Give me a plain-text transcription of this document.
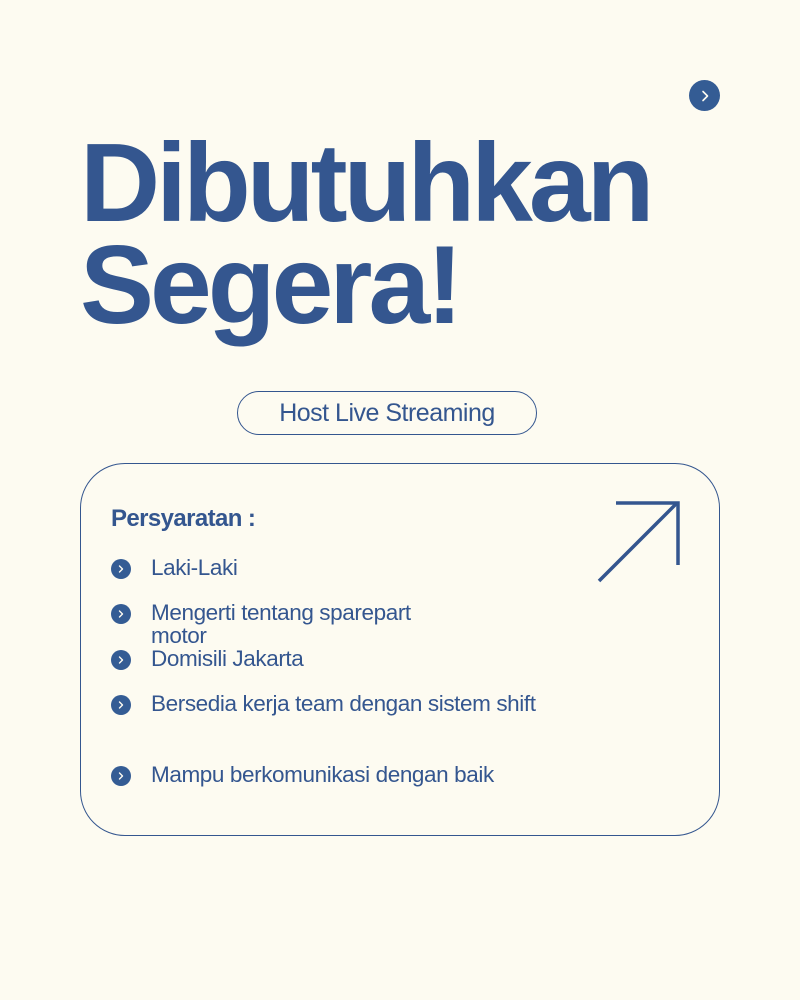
Dibutuhkan
Segera!
Host Live Streaming
Persyaratan :
Laki-Laki
Mengerti tentang sparepart motor
Domisili Jakarta
Bersedia kerja team dengan sistem shift
Mampu berkomunikasi dengan baik
